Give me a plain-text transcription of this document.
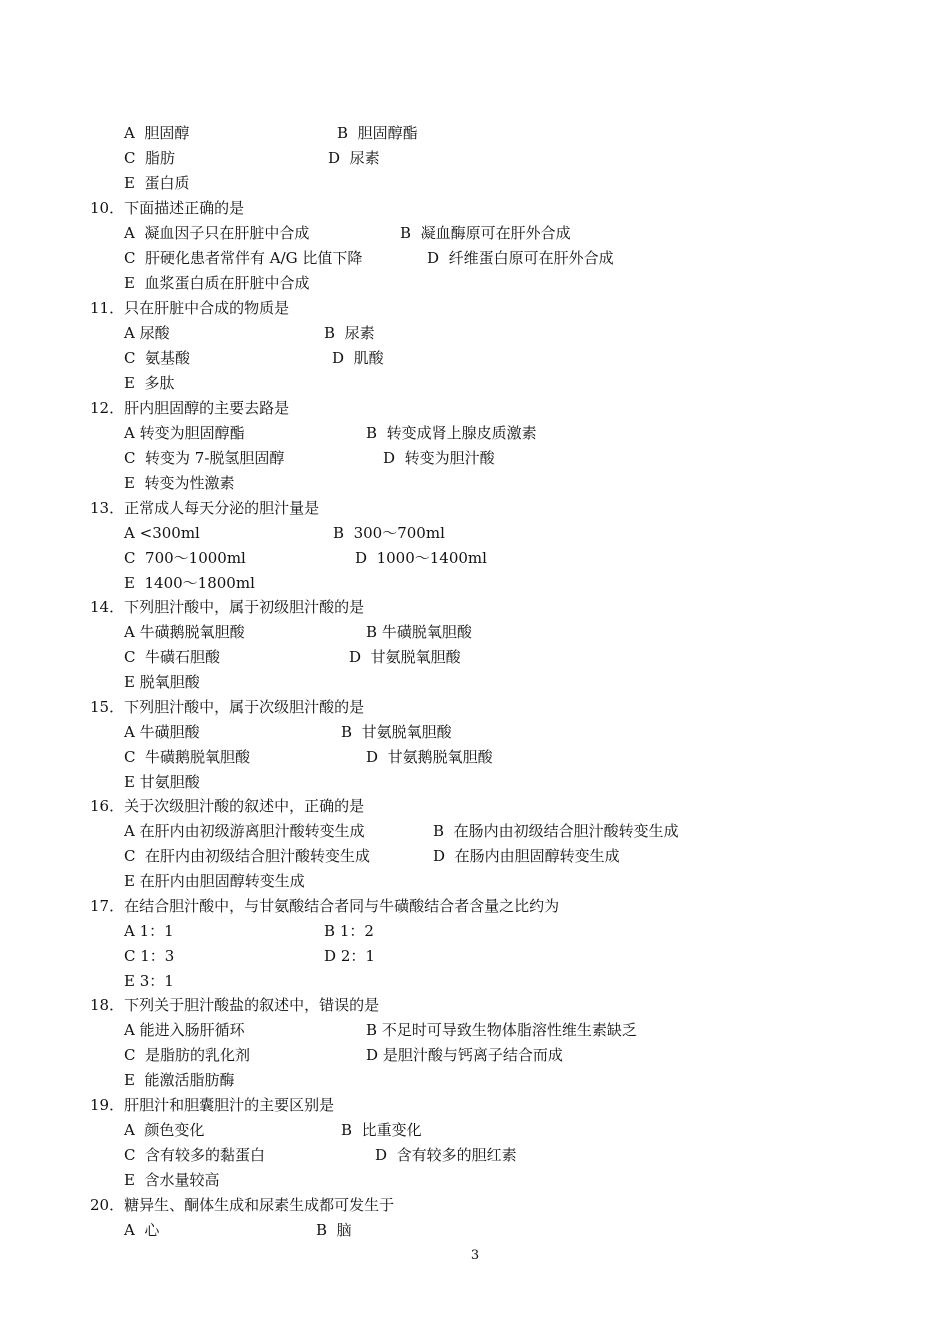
A 胆固醇	B 胆固醇酯
C 脂肪	D 尿素
E 蛋白质
10．下面描述正确的是
A 凝血因子只在肝脏中合成	B 凝血酶原可在肝外合成
C 肝硬化患者常伴有 A/G 比值下降	D 纤维蛋白原可在肝外合成
E 血浆蛋白质在肝脏中合成
11．只在肝脏中合成的物质是
A 尿酸	B 尿素
C 氨基酸	D 肌酸
E 多肽
12．肝内胆固醇的主要去路是
A 转变为胆固醇酯	B 转变成肾上腺皮质激素
C 转变为 7-脱氢胆固醇	D 转变为胆汁酸
E 转变为性激素
13．正常成人每天分泌的胆汁量是
A <300ml	B 300～700ml
C 700～1000ml	D 1000～1400ml
E 1400～1800ml
14．下列胆汁酸中，属于初级胆汁酸的是
A 牛磺鹅脱氧胆酸	B 牛磺脱氧胆酸
C 牛磺石胆酸	D 甘氨脱氧胆酸
E 脱氧胆酸
15．下列胆汁酸中，属于次级胆汁酸的是
A 牛磺胆酸	B 甘氨脱氧胆酸
C 牛磺鹅脱氧胆酸	D 甘氨鹅脱氧胆酸
E 甘氨胆酸
16．关于次级胆汁酸的叙述中，正确的是
A 在肝内由初级游离胆汁酸转变生成	B 在肠内由初级结合胆汁酸转变生成
C 在肝内由初级结合胆汁酸转变生成	D 在肠内由胆固醇转变生成
E 在肝内由胆固醇转变生成
17．在结合胆汁酸中，与甘氨酸结合者同与牛磺酸结合者含量之比约为
A 1：1	B 1：2
C 1：3	D 2：1
E 3：1
18．下列关于胆汁酸盐的叙述中，错误的是
A 能进入肠肝循环	B 不足时可导致生物体脂溶性维生素缺乏
C 是脂肪的乳化剂	D 是胆汁酸与钙离子结合而成
E 能激活脂肪酶
19．肝胆汁和胆囊胆汁的主要区别是
A 颜色变化	B 比重变化
C 含有较多的黏蛋白	D 含有较多的胆红素
E 含水量较高
20．糖异生、酮体生成和尿素生成都可发生于
A 心	B 脑
3
